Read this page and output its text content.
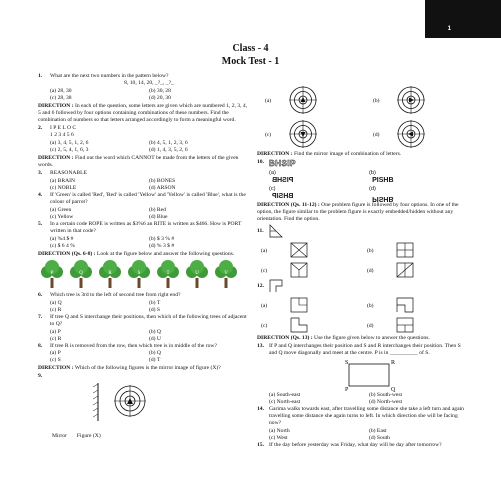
1
Class - 4
Mock Test - 1
1.	What are the next two numbers in the pattern below?
8, 10, 14, 20, _?_, _?_
(a) 28, 30	(b) 30, 28
(c) 28, 38	(d) 20, 30
DIRECTION : In each of the question, some letters are given which are numbered 1, 2, 3, 4, 5 and 6 followed by four options containing combinations of these numbers. Find the combination of numbers so that letters arranged accordingly to form a meaningful word.
2.	I P E L O C
1 2 3 4 5 6
(a) 3, 4, 5, 1, 2, 6	(b) 4, 5, 1, 2, 3, 6
(c) 2, 5, 4, 1, 6, 3	(d) 1, 4, 3, 5, 2, 6
DIRECTION : Find out the word which CANNOT be made from the letters of the given words.
3.	REASONABLE
(a) BRAIN	(b) BONES
(c) NOBLE	(d) ARSON
4.	If 'Green' is called 'Red', 'Red' is called 'Yellow' and 'Yellow' is called 'Blue', what is the colour of parrot?
(a) Green	(b) Red
(c) Yellow	(d) Blue
5.	In a certain code ROPE is written as $3%6 an RITE is written as $466. How is PORT written in that code?
(a) %4 $ #	(b) $ 3 % #
(c) $ 6 4 %	(d) % 3 $ #
DIRECTION (Qs. 6-8) : Look at the figure below and answer the following questions.
P	Q	R	S	T	U	V
6.	Which tree is 3rd to the left of second tree from right end?
(a) Q	(b) T
(c) R	(d) S
7.	If tree Q and S interchange their positions, then which of the following trees of adjacent to Q?
(a) P	(b) Q
(c) R	(d) U
8.	If tree R is removed from the row, then which tree is in middle of the row?
(a) P	(b) Q
(c) S	(d) T
DIRECTION : Which of the following figures is the mirror image of figure (X)?
9.
Mirror Figure (X)
(a)	(b)
(c)	(d)
DIRECTION : Find the mirror image of combination of letters.
10. BHSIP
(a)
PISHB
(b)
PISHB
(c)
BHSIP
(d)
PISHB
DIRECTION (Qs. 11-12) : One problem figure is followed by four options. In one of the option, the figure similar to the problem figure is exactly embedded/hidden without any orientation. Find the option.
11.
(a)	(b)
(c)	(d)
12.
(a)	(b)
(c)	(d)
DIRECTION (Qs. 13) : Use the figure given below to answer the questions.
13. If P and Q interchanges their position and S and R interchanges their position. Then S and Q move diagonally and meet at the centre. P is in __________ of S.
S	R
P	Q
(a) South-east	(b) South-west
(c) North-east	(d) North-west
14. Garima walks towards east, after travelling some distance she take a left turn and again travelling some distance she again turns to left. In which direction she will be facing now?
(a) North	(b) East
(c) West	(d) South
15. If the day before yesterday was Friday, what day will be day after tomorrow?
